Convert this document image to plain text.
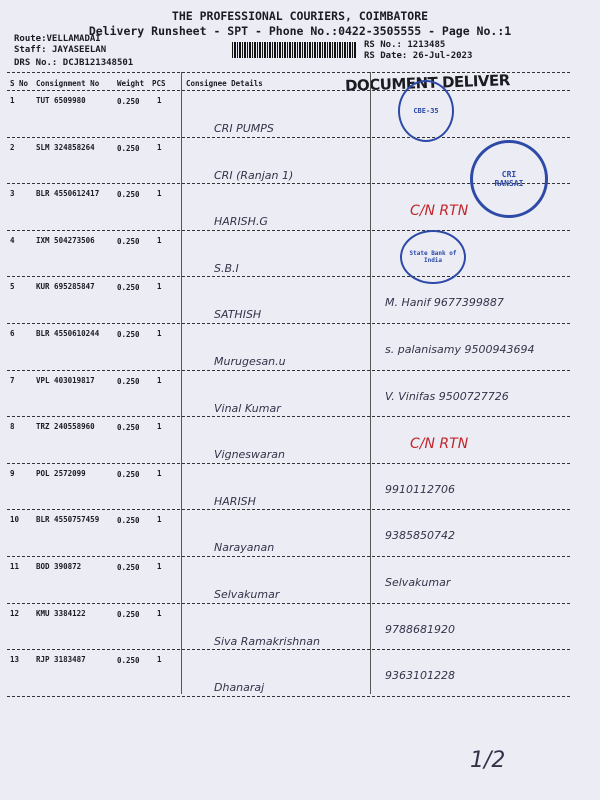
THE PROFESSIONAL COURIERS, COIMBATORE
Delivery Runsheet - SPT - Phone No.:0422-3505555 - Page No.:1
Route:VELLAMADAI
Staff: JAYASEELAN
DRS No.: DCJB121348501
RS No.: 1213485
RS Date: 26-Jul-2023
DOCUMENT DELIVER
S No Consignment No Weight PCS	Consignee Details
1	TUT 6509980	0.250 1
CRI PUMPS
2	SLM 324858264	0.250 1
CRI (Ranjan 1)
3	BLR 4550612417 0.250 1
HARISH.G
C/N RTN
4	IXM 504273506	0.250 1
S.B.I
5	KUR 695285847	0.250 1
SATHISH
M. Hanif 9677399887
6	BLR 4550610244 0.250 1
Murugesan.u
s. palanisamy 9500943694
7	VPL 403019817	0.250 1
Vinal Kumar
V. Vinifas 9500727726
8	TRZ 240558960	0.250 1
Vigneswaran
C/N RTN
9	POL 2572099	0.250 1
HARISH
9910112706
10 BLR 4550757459 0.250 1
Narayanan
9385850742
11 BOD 390872	0.250 1
Selvakumar
Selvakumar
12 KMU 3384122	0.250 1
Siva Ramakrishnan
9788681920
13 RJP 3183487	0.250 1
Dhanaraj
9363101228
CBE-35
CRI
RANSAI
State Bank of India
1/2
